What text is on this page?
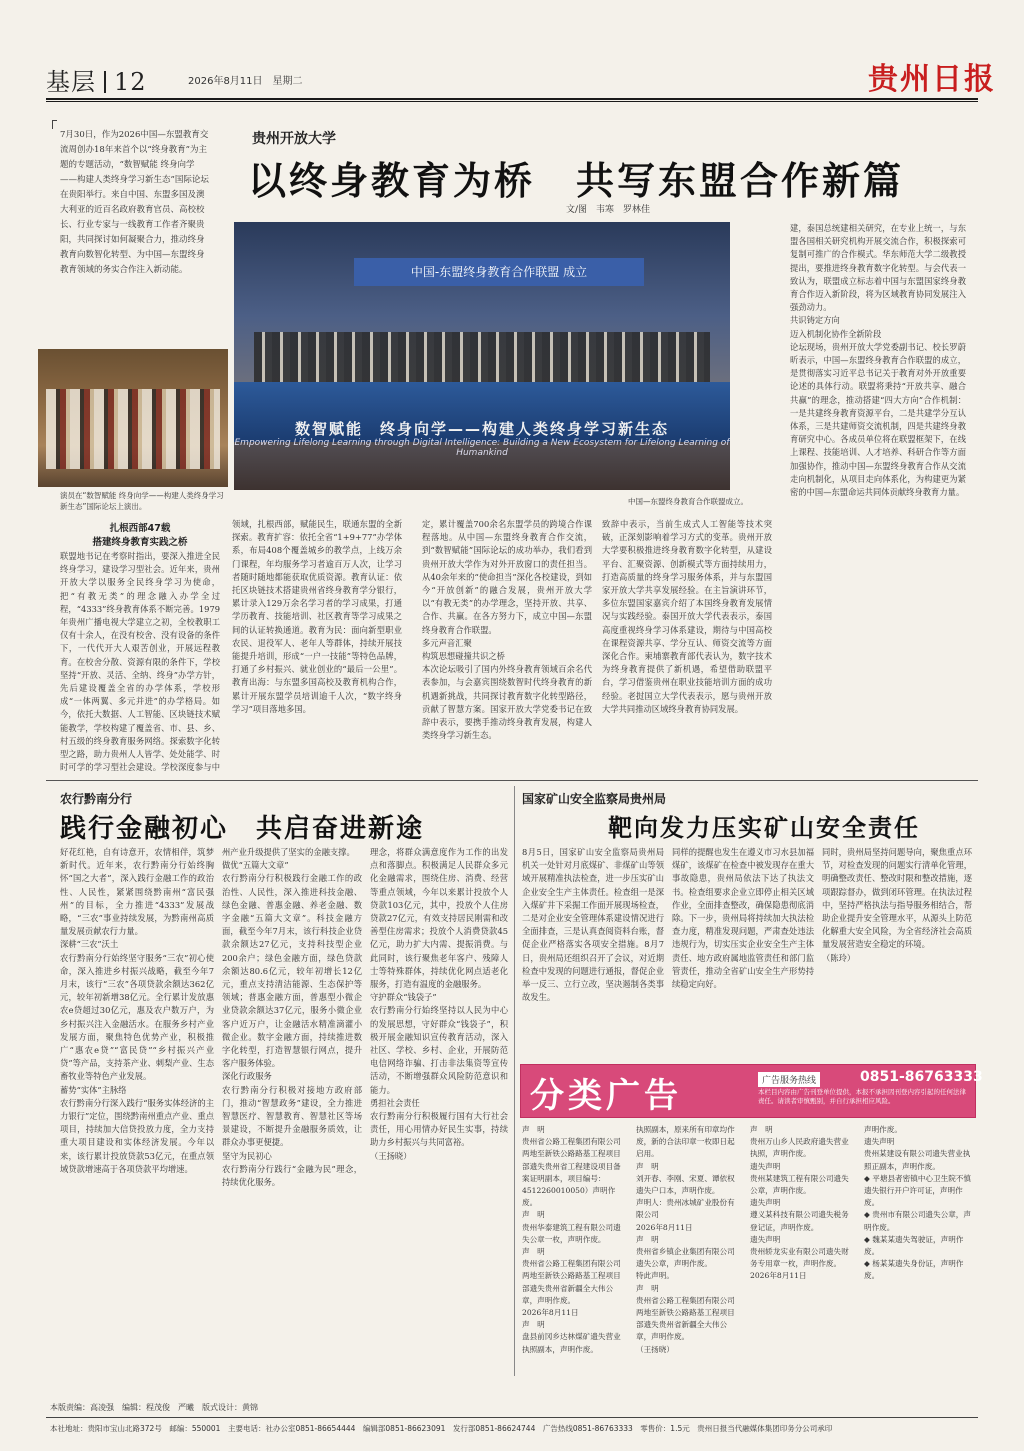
基层 12	2026年8月11日　星期二	贵州日报
7月30日，作为2026中国—东盟教育交流周创办18年来首个以“终身教育”为主题的专题活动，“数智赋能 终身向学——构建人类终身学习新生态”国际论坛在贵阳举行。来自中国、东盟多国及澳大利亚的近百名政府教育官员、高校校长、行业专家与一线教育工作者齐聚贵阳，共同探讨如何凝聚合力，推动终身教育向数智化转型、为中国—东盟终身教育领域的务实合作注入新动能。
贵州开放大学
以终身教育为桥　共写东盟合作新篇
文/图　韦寒　罗林佳
中国-东盟终身教育合作联盟 成立
数智赋能　终身向学——构建人类终身学习新生态
Empowering Lifelong Learning through Digital Intelligence: Building a New Ecosystem for Lifelong Learning of Humankind
中国—东盟终身教育合作联盟成立。
演员在“数智赋能 终身向学——构建人类终身学习新生态”国际论坛上演出。
扎根西部47载
搭建终身教育实践之桥
联盟地书记在考察时指出，要深入推进全民终身学习，建设学习型社会。近年来，贵州开放大学以服务全民终身学习为使命，把“有教无类”的理念融入办学全过程，“4333”终身教育体系不断完善。1979年贵州广播电视大学建立之初，全校教职工仅有十余人，在没有校舍、没有设备的条件下，一代代开大人艰苦创业，开展远程教育。在校舍分散、资源有限的条件下，学校坚持“开放、灵活、全纳、终身”办学方针，先后建设覆盖全省的办学体系，学校形成“一体两翼、多元并进”的办学格局。如今，依托大数据、人工智能、区块链技术赋能教学，学校构建了覆盖省、市、县、乡、村五级的终身教育服务网络。探索数字化转型之路，助力贵州人人皆学、处处能学、时时可学的学习型社会建设。学校深度参与中
领域，扎根西部，赋能民生，联通东盟的全新探索。教育扩容：依托全省“1+9+77”办学体系，布局408个覆盖城乡的教学点，上线万余门课程，年均服务学习者逾百万人次，让学习者随时随地都能获取优质资源。教育认证：依托区块链技术搭建贵州省终身教育学分银行，累计录入129万余名学习者的学习成果，打通学历教育、技能培训、社区教育等学习成果之间的认证转换通道。教育为民：面向新型职业农民、退役军人、老年人等群体，持续开展技能提升培训，形成“一户一技能”等特色品牌，打通了乡村振兴、就业创业的“最后一公里”。教育出海：与东盟多国高校及教育机构合作，累计开展东盟学员培训逾千人次，“数字终身学习”项目落地多国。
定，累计覆盖700余名东盟学员的跨境合作课程落地。从中国—东盟终身教育合作交流，到“数智赋能”国际论坛的成功举办，我们看到贵州开放大学作为对外开放窗口的责任担当。从40余年来的“使命担当”深化各校建设，到如今“开放创新”的融合发展，贵州开放大学以“有教无类”的办学理念，坚持开放、共享、合作、共赢。在各方努力下，成立中国—东盟终身教育合作联盟。
多元声音汇聚
构筑思想碰撞共识之桥
本次论坛吸引了国内外终身教育领域百余名代表参加，与会嘉宾围绕数智时代终身教育的新机遇新挑战，共同探讨教育数字化转型路径，贡献了智慧方案。国家开放大学党委书记在致辞中表示，要携手推动终身教育发展，构建人类终身学习新生态。
致辞中表示，当前生成式人工智能等技术突破，正深刻影响着学习方式的变革。贵州开放大学要积极推进终身教育数字化转型，从建设平台、汇聚资源、创新模式等方面持续用力，打造高质量的终身学习服务体系，并与东盟国家开放大学共享发展经验。在主旨演讲环节，多位东盟国家嘉宾介绍了本国终身教育发展情况与实践经验。泰国开放大学代表表示，泰国高度重视终身学习体系建设，期待与中国高校在课程资源共享、学分互认、师资交流等方面深化合作。柬埔寨教育部代表认为，数字技术为终身教育提供了新机遇，希望借助联盟平台，学习借鉴贵州在职业技能培训方面的成功经验。老挝国立大学代表表示，愿与贵州开放大学共同推动区域终身教育协同发展。
建，泰国总统建相关研究，在专业上统一，与东盟各国相关研究机构开展交流合作，积极探索可复制可推广的合作模式。华东师范大学二级教授提出，要推进终身教育数字化转型。与会代表一致认为，联盟成立标志着中国与东盟国家终身教育合作迈入新阶段，将为区域教育协同发展注入强劲动力。
共识铸定方向
迈入机制化协作全新阶段
论坛现场，贵州开放大学党委副书记、校长罗蔚昕表示，中国—东盟终身教育合作联盟的成立，是贯彻落实习近平总书记关于教育对外开放重要论述的具体行动。联盟将秉持“开放共享、融合共赢”的理念，推动搭建“四大方向”合作机制：一是共建终身教育资源平台，二是共建学分互认体系，三是共建师资交流机制，四是共建终身教育研究中心。各成员单位将在联盟框架下，在线上课程、技能培训、人才培养、科研合作等方面加强协作，推动中国—东盟终身教育合作从交流走向机制化，从项目走向体系化，为构建更为紧密的中国—东盟命运共同体贡献终身教育力量。
农行黔南分行
践行金融初心　共启奋进新途
好花红艳，自有诗意开，农情相伴，筑梦新时代。近年来，农行黔南分行始终胸怀“国之大者”，深入践行金融工作的政治性、人民性，紧紧围绕黔南州“富民强州”的目标，全力推进“4333”发展战略，“三农”事业持续发展，为黔南州高质量发展贡献农行力量。
深耕“三农”沃土
农行黔南分行始终坚守服务“三农”初心使命，深入推进乡村振兴战略，截至今年7月末，该行“三农”各项贷款余额达362亿元，较年初新增38亿元。全行累计发放惠农e贷超过30亿元，惠及农户数万户，为乡村振兴注入金融活水。在服务乡村产业发展方面，聚焦特色优势产业，积极推广“惠农e贷”“富民贷”“乡村振兴产业贷”等产品，支持茶产业、刺梨产业、生态畜牧业等特色产业发展。
蓄势“实体”主脉络
农行黔南分行深入践行“服务实体经济的主力银行”定位，围绕黔南州重点产业、重点项目，持续加大信贷投放力度，全力支持重大项目建设和实体经济发展。今年以来，该行累计投放贷款53亿元，在重点领域贷款增速高于各项贷款平均增速。
州产业升级提供了坚实的金融支撑。
做优“五篇大文章”
农行黔南分行积极践行金融工作的政治性、人民性，深入推进科技金融、绿色金融、普惠金融、养老金融、数字金融“五篇大文章”。科技金融方面，截至今年7月末，该行科技企业贷款余额达27亿元，支持科技型企业200余户；绿色金融方面，绿色贷款余额达80.6亿元，较年初增长12亿元，重点支持清洁能源、生态保护等领域；普惠金融方面，普惠型小微企业贷款余额达37亿元，服务小微企业客户近万户，让金融活水精准滴灌小微企业。数字金融方面，持续推进数字化转型，打造智慧银行网点，提升客户服务体验。
深化行政服务
农行黔南分行积极对接地方政府部门，推动“智慧政务”建设，全力推进智慧医疗、智慧教育、智慧社区等场景建设，不断提升金融服务质效，让群众办事更便捷。
坚守为民初心
农行黔南分行践行“金融为民”理念，持续优化服务。
理念，将群众满意度作为工作的出发点和落脚点。积极满足人民群众多元化金融需求，围绕住房、消费、经营等重点领域，今年以来累计投放个人贷款103亿元，其中，投放个人住房贷款27亿元，有效支持居民刚需和改善型住房需求；投放个人消费贷款45亿元，助力扩大内需、提振消费。与此同时，该行聚焦老年客户、残障人士等特殊群体，持续优化网点适老化服务，打造有温度的金融服务。
守护群众“钱袋子”
农行黔南分行始终坚持以人民为中心的发展思想，守好群众“钱袋子”，积极开展金融知识宣传教育活动，深入社区、学校、乡村、企业，开展防范电信网络诈骗、打击非法集资等宣传活动，不断增强群众风险防范意识和能力。
勇担社会责任
农行黔南分行积极履行国有大行社会责任，用心用情办好民生实事，持续助力乡村振兴与共同富裕。
（王扬晓）
国家矿山安全监察局贵州局
靶向发力压实矿山安全责任
8月5日，国家矿山安全监察局贵州局机关一处针对月底煤矿、非煤矿山等领域开展精准执法检查，进一步压实矿山企业安全生产主体责任。检查组一是深入煤矿井下采掘工作面开展现场检查，二是对企业安全管理体系建设情况进行全面排查，三是认真查阅资料台账，督促企业严格落实各项安全措施。8月7日，贵州局还组织召开了会议，对近期检查中发现的问题进行通报，督促企业举一反三、立行立改，坚决遏制各类事故发生。
同样的提醒也发生在遵义市习水县加福煤矿，该煤矿在检查中被发现存在重大事故隐患，贵州局依法下达了执法文书。检查组要求企业立即停止相关区域作业，全面排查整改，确保隐患彻底消除。下一步，贵州局将持续加大执法检查力度，精准发现问题，严肃查处违法违规行为，切实压实企业安全生产主体责任、地方政府属地监管责任和部门监管责任，推动全省矿山安全生产形势持续稳定向好。
同时，贵州局坚持问题导向，聚焦重点环节，对检查发现的问题实行清单化管理，明确整改责任、整改时限和整改措施，逐项跟踪督办，做到闭环管理。在执法过程中，坚持严格执法与指导服务相结合，帮助企业提升安全管理水平，从源头上防范化解重大安全风险，为全省经济社会高质量发展营造安全稳定的环境。
（陈玲）
分类广告	广告服务热线	0851-86763333
本栏目内容由广告刊登单位提供，本报不承担因刊登内容引起的任何法律责任。请读者审慎甄别，并自行承担相应风险。
声　明
贵州省公路工程集团有限公司两地至新铁公路路基工程项目部遗失贵州省工程建设项目备案证明副本，项目编号：4512260010050）声明作废。
声　明
贵州华泰建筑工程有限公司遗失公章一枚，声明作废。
声　明
贵州省公路工程集团有限公司两地至新铁公路路基工程项目部遗失贵州省新疆全大伟公章，声明作废。
2026年8月11日
声　明
盘县前冈乡达林煤矿遗失营业执照副本，声明作废。
执照副本，原来所有印章均作废，新的合法印章一枚即日起启用。
声　明
刘开春、李刚、宋夏、谭依权遗失户口本，声明作废。
声明人：贵州冰城矿业股份有限公司
2026年8月11日
声　明
贵州省乡镇企业集团有限公司遗失公章，声明作废。
特此声明。
声　明
贵州省公路工程集团有限公司两地至新铁公路路基工程项目部遗失贵州省新疆全大伟公章，声明作废。
（王扬晓）
声　明
贵州万山乡人民政府遗失营业执照，声明作废。
遗失声明
贵州某建筑工程有限公司遗失公章，声明作废。
遗失声明
遵义某科技有限公司遗失税务登记证，声明作废。
遗失声明
贵州轿龙实业有限公司遗失财务专用章一枚，声明作废。
2026年8月11日
声明作废。
遗失声明
贵州某建设有限公司遗失营业执照正副本，声明作废。
◆ 平塘县者密镇中心卫生院不慎遗失银行开户许可证，声明作废。
◆ 贵州市有限公司遗失公章，声明作废。
◆ 魏某某遗失驾驶证，声明作废。
◆ 杨某某遗失身份证，声明作废。
本版责编：高凌强　编辑：程茂俊　严曦　版式设计：黄锦
本社地址：贵阳市宝山北路372号　邮编：550001　主要电话：社办公室0851-86654444　编辑部0851-86623091　发行部0851-86624744　广告热线0851-86763333　零售价：1.5元　贵州日报当代融媒体集团印务分公司承印
